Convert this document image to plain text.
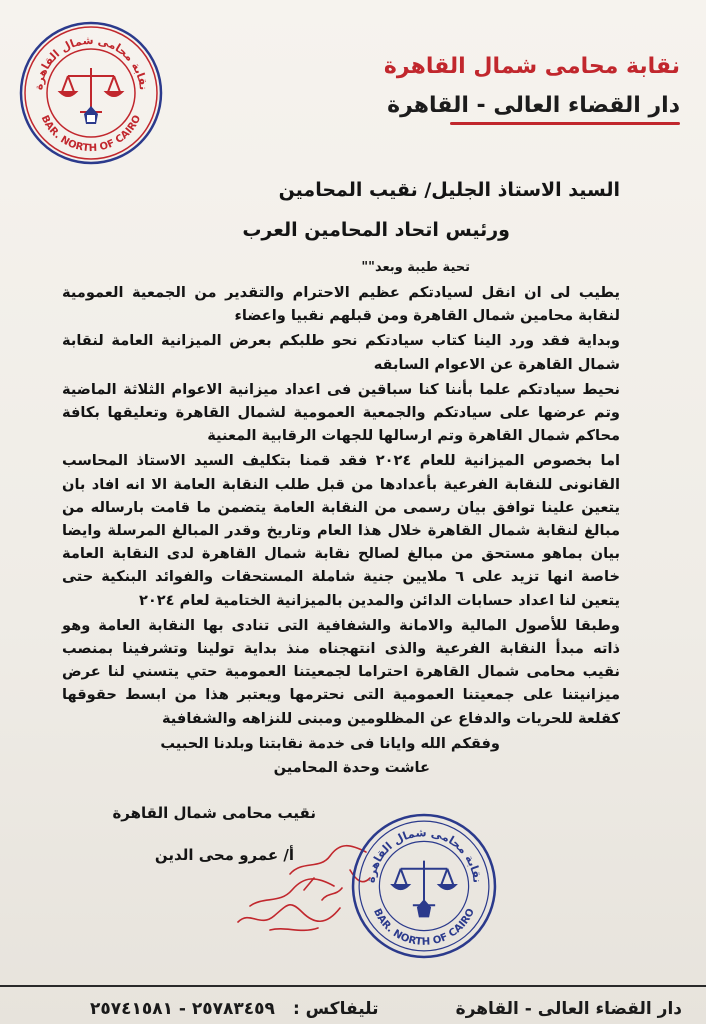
نقابة محامى شمال القاهرة
BAR. NORTH OF CAIRO

نقابة محامى شمال القاهرة

دار القضاء العالى - القاهرة

السيد الاستاذ الجليل/ نقيب المحامين

ورئيس اتحاد المحامين العرب

تحية طيبة وبعد""

يطيب لى ان انقل لسيادتكم عظيم الاحترام والتقدير من الجمعية العمومية لنقابة محامين شمال القاهرة ومن قبلهم نقبيا واعضاء

وبداية فقد ورد الينا كتاب سيادتكم نحو طلبكم بعرض الميزانية العامة لنقابة شمال القاهرة عن الاعوام السابقه

نحيط سيادتكم علما بأننا كنا سباقين فى اعداد ميزانية الاعوام الثلاثة الماضية وتم عرضها على سيادتكم والجمعية العمومية لشمال القاهرة وتعليقها بكافة محاكم شمال القاهرة وتم ارسالها للجهات الرقابية المعنية

اما بخصوص الميزانية للعام ٢٠٢٤ فقد قمنا بتكليف السيد الاستاذ المحاسب القانونى للنقابة الفرعية بأعدادها من قبل طلب النقابة العامة الا انه افاد بان يتعين علينا توافق بيان رسمى من النقابة العامة يتضمن ما قامت بارساله من مبالغ لنقابة شمال القاهرة خلال هذا العام وتاريخ وقدر المبالغ المرسلة وايضا بيان بماهو مستحق من مبالغ لصالح نقابة شمال القاهرة لدى النقابة العامة خاصة انها تزيد على ٦ ملايين جنية شاملة المستحقات والفوائد البنكية حتى يتعين لنا اعداد حسابات الدائن والمدين بالميزانية الختامية لعام ٢٠٢٤

وطبقا للأصول المالية والامانة والشفافية التى تنادى بها النقابة العامة وهو ذاته مبدأ النقابة الفرعية والذى انتهجناه منذ بداية تولينا وتشرفينا بمنصب نقيب محامى شمال القاهرة احتراما لجمعيتنا العمومية حتي يتسني لنا عرض ميزانيتنا على جمعيتنا العمومية التى نحترمها ويعتبر هذا من ابسط حقوقها كقلعة للحريات والدفاع عن المظلومين ومبنى للنزاهه والشفافية

وفقكم الله وايانا فى خدمة نقابتنا وبلدنا الحبيب

عاشت وحدة المحامين

نقيب محامى شمال القاهرة

أ/ عمرو محى الدين

نقابة محامى شمال القاهرة
BAR. NORTH OF CAIRO
دار القضاء العالى - القاهرة
تليفاكس :
٢٥٧٨٣٤٥٩ - ٢٥٧٤١٥٨١
